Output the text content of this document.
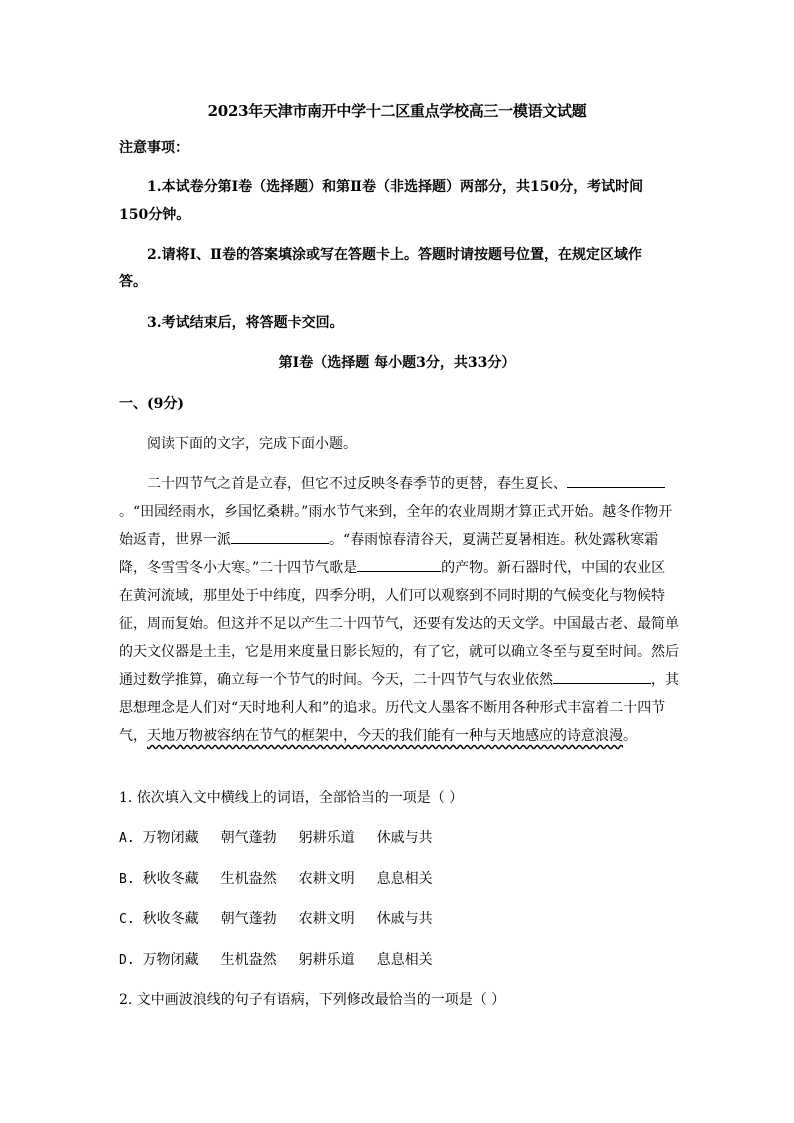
2023年天津市南开中学十二区重点学校高三一模语文试题
注意事项：
1.本试卷分第Ⅰ卷（选择题）和第Ⅱ卷（非选择题）两部分，共150分，考试时间
150分钟。
2.请将Ⅰ、Ⅱ卷的答案填涂或写在答题卡上。答题时请按题号位置，在规定区域作
答。
3.考试结束后，将答题卡交回。
第Ⅰ卷（选择题 每小题3分，共33分）
一、(9分)
阅读下面的文字，完成下面小题。
二十四节气之首是立春，但它不过反映冬春季节的更替，春生夏长、。“田园经雨水，乡国忆桑耕。”雨水节气来到，全年的农业周期才算正式开始。越冬作物开始返青，世界一派	。“春雨惊春清谷天，夏满芒夏暑相连。秋处露秋寒霜降，冬雪雪冬小大寒。”二十四节气歌是	的产物。新石器时代，中国的农业区在黄河流域，那里处于中纬度，四季分明，人们可以观察到不同时期的气候变化与物候特征，周而复始。但这并不足以产生二十四节气，还要有发达的天文学。中国最古老、最简单的天文仪器是土圭，它是用来度量日影长短的，有了它，就可以确立冬至与夏至时间。然后通过数学推算，确立每一个节气的时间。今天，二十四节气与农业依然	，其思想理念是人们对“天时地利人和”的追求。历代文人墨客不断用各种形式丰富着二十四节气，天地万物被容纳在节气的框架中，今天的我们能有一种与天地感应的诗意浪漫。
1. 依次填入文中横线上的词语，全部恰当的一项是（ ）
A. 万物闭藏 朝气蓬勃 躬耕乐道 休戚与共
B. 秋收冬藏 生机盎然 农耕文明 息息相关
C. 秋收冬藏 朝气蓬勃 农耕文明 休戚与共
D. 万物闭藏 生机盎然 躬耕乐道 息息相关
2. 文中画波浪线的句子有语病，下列修改最恰当的一项是（ ）
